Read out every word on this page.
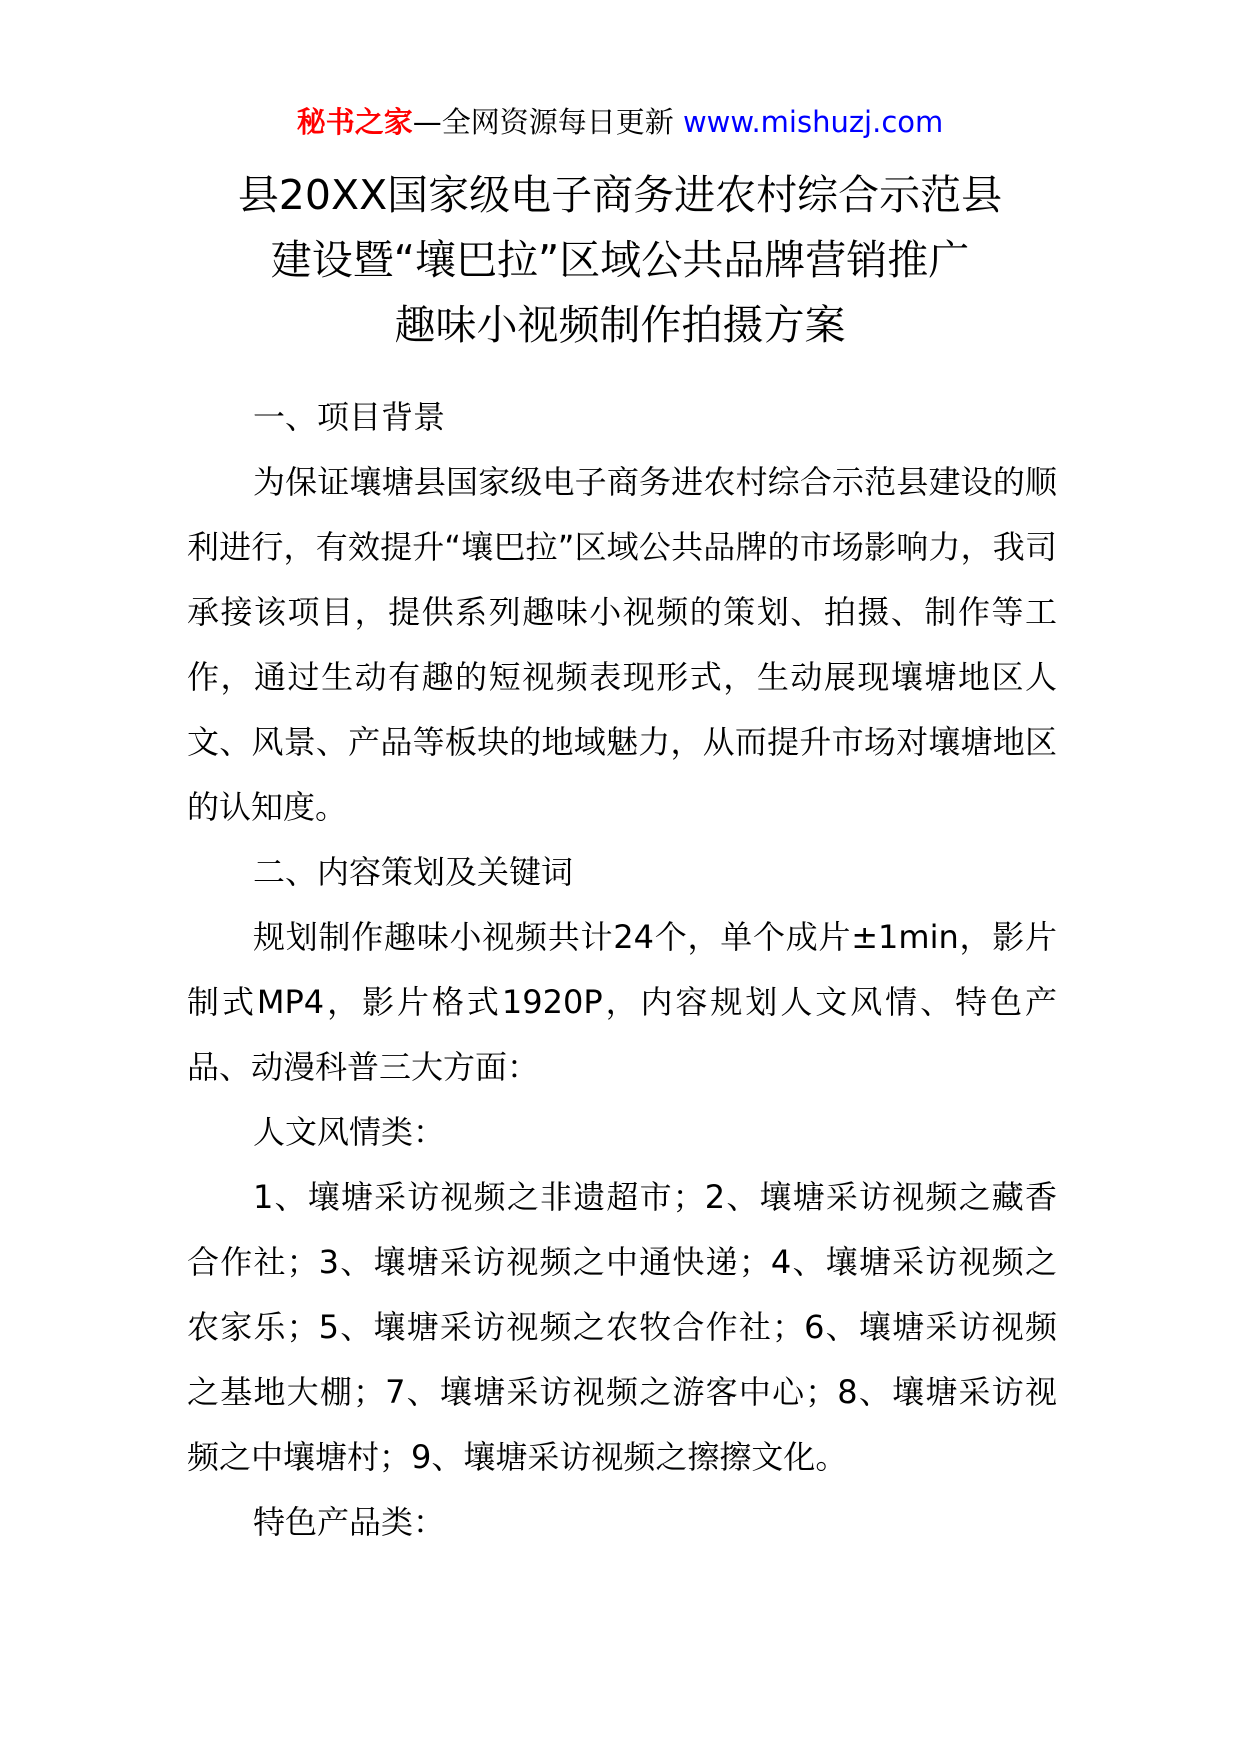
秘书之家—全网资源每日更新 www.mishuzj.com
县20XX国家级电子商务进农村综合示范县
建设暨“壤巴拉”区域公共品牌营销推广
趣味小视频制作拍摄方案

一、项目背景

为保证壤塘县国家级电子商务进农村综合示范县建设的顺利进行，有效提升“壤巴拉”区域公共品牌的市场影响力，我司承接该项目，提供系列趣味小视频的策划、拍摄、制作等工作，通过生动有趣的短视频表现形式，生动展现壤塘地区人文、风景、产品等板块的地域魅力，从而提升市场对壤塘地区的认知度。

二、内容策划及关键词

规划制作趣味小视频共计24个，单个成片±1min，影片制式MP4，影片格式1920P，内容规划人文风情、特色产品、动漫科普三大方面：

人文风情类：

1、壤塘采访视频之非遗超市；2、壤塘采访视频之藏香合作社；3、壤塘采访视频之中通快递；4、壤塘采访视频之农家乐；5、壤塘采访视频之农牧合作社；6、壤塘采访视频之基地大棚；7、壤塘采访视频之游客中心；8、壤塘采访视频之中壤塘村；9、壤塘采访视频之擦擦文化。

特色产品类：
